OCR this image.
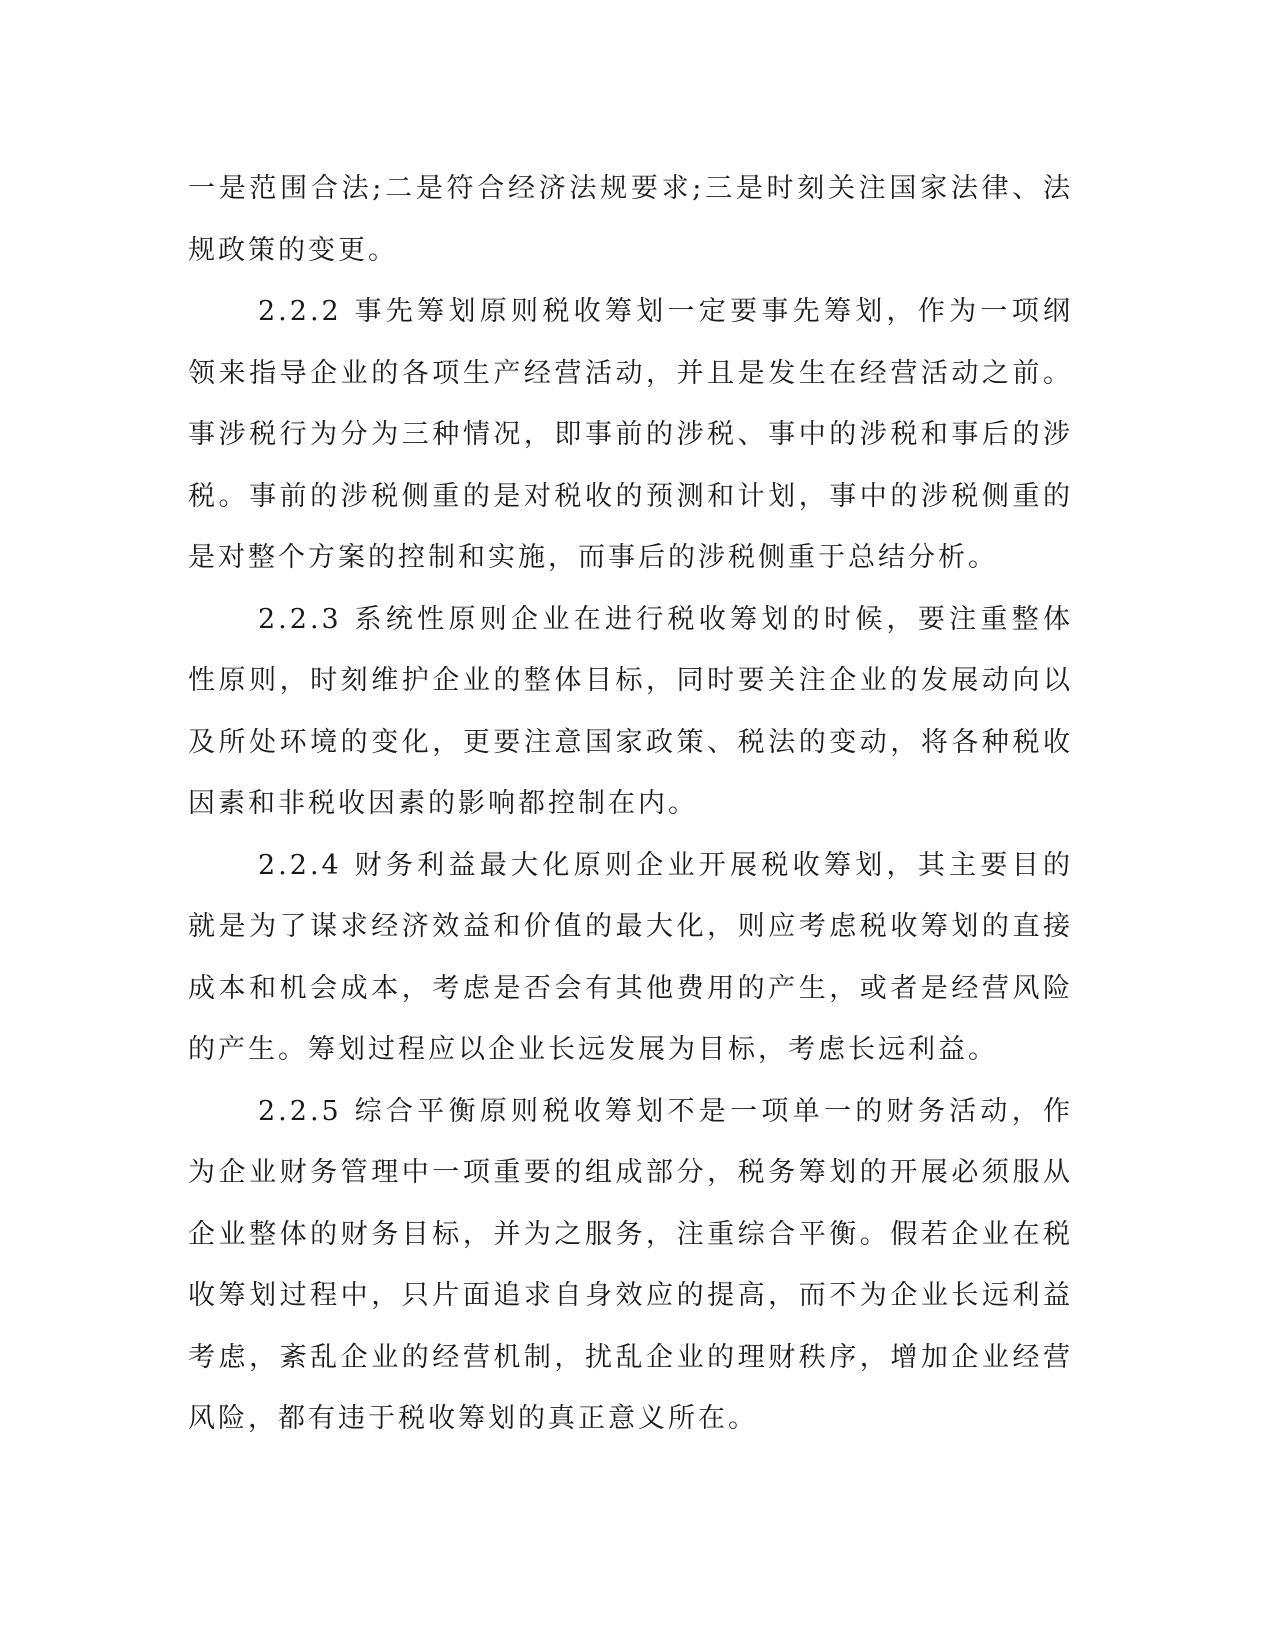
一是范围合法;二是符合经济法规要求;三是时刻关注国家法律、法规政策的变更。

2.2.2 事先筹划原则税收筹划一定要事先筹划，作为一项纲领来指导企业的各项生产经营活动，并且是发生在经营活动之前。事涉税行为分为三种情况，即事前的涉税、事中的涉税和事后的涉税。事前的涉税侧重的是对税收的预测和计划，事中的涉税侧重的是对整个方案的控制和实施，而事后的涉税侧重于总结分析。

2.2.3 系统性原则企业在进行税收筹划的时候，要注重整体性原则，时刻维护企业的整体目标，同时要关注企业的发展动向以及所处环境的变化，更要注意国家政策、税法的变动，将各种税收因素和非税收因素的影响都控制在内。

2.2.4 财务利益最大化原则企业开展税收筹划，其主要目的就是为了谋求经济效益和价值的最大化，则应考虑税收筹划的直接成本和机会成本，考虑是否会有其他费用的产生，或者是经营风险的产生。筹划过程应以企业长远发展为目标，考虑长远利益。

2.2.5 综合平衡原则税收筹划不是一项单一的财务活动，作为企业财务管理中一项重要的组成部分，税务筹划的开展必须服从企业整体的财务目标，并为之服务，注重综合平衡。假若企业在税收筹划过程中，只片面追求自身效应的提高，而不为企业长远利益考虑，紊乱企业的经营机制，扰乱企业的理财秩序，增加企业经营风险，都有违于税收筹划的真正意义所在。
